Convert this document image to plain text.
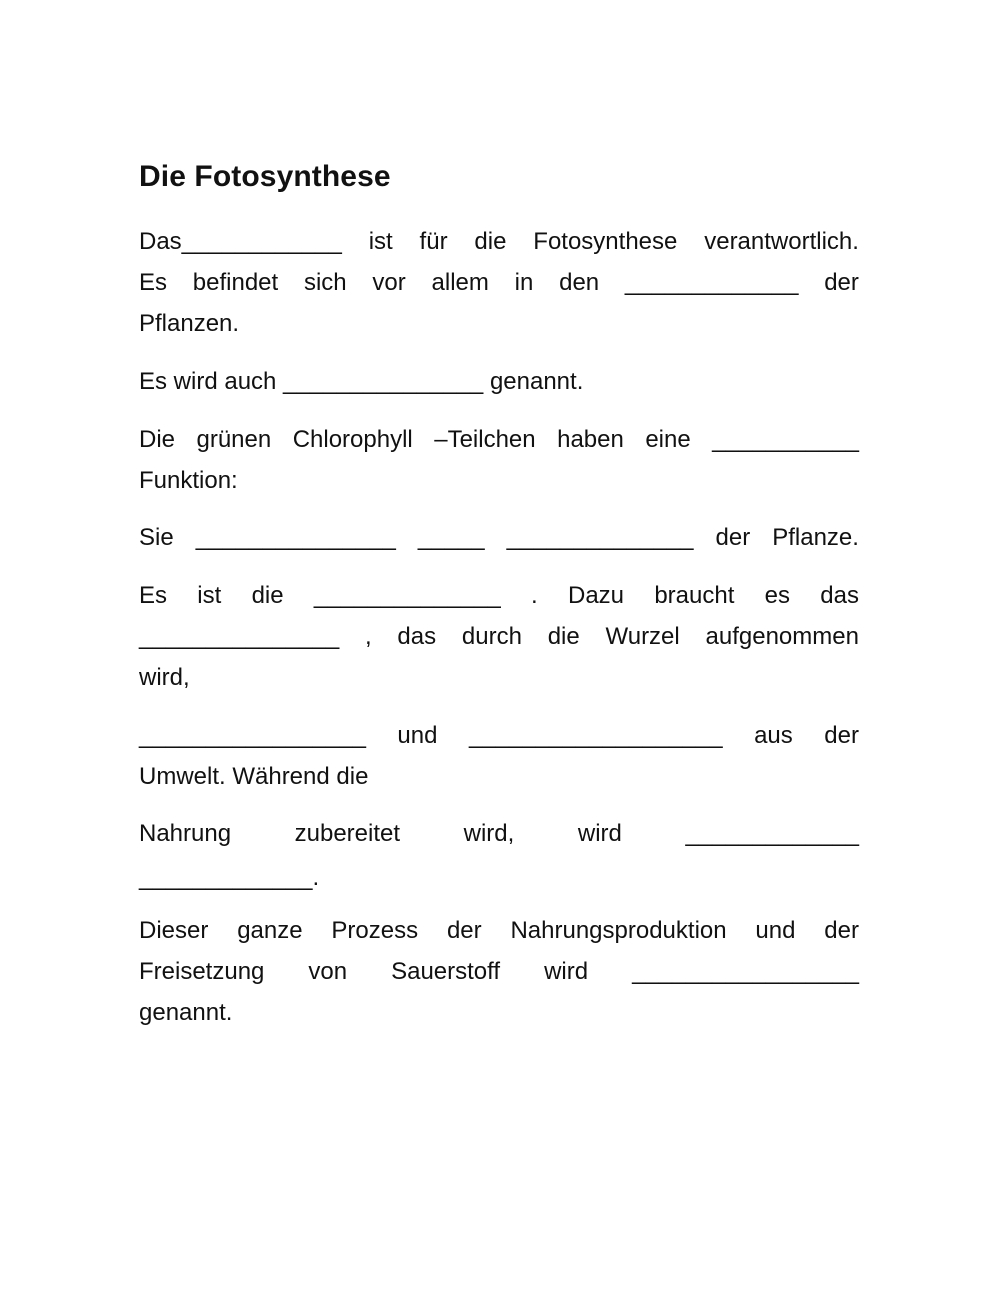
Die Fotosynthese
Das____________ ist für die Fotosynthese verantwortlich.
Es befindet sich vor allem in den _____________ der
Pflanzen.
Es wird auch _______________ genannt.
Die grünen Chlorophyll –Teilchen haben eine ___________
Funktion:
Sie _______________ _____ ______________ der Pflanze.
Es ist die ______________ . Dazu braucht es das
_______________ , das durch die Wurzel aufgenommen
wird,
_________________ und ___________________ aus der
Umwelt. Während die
Nahrung	zubereitet	wird,	wird	_____________
_____________.
Dieser ganze Prozess der Nahrungsproduktion und der
Freisetzung von Sauerstoff wird _________________
genannt.
